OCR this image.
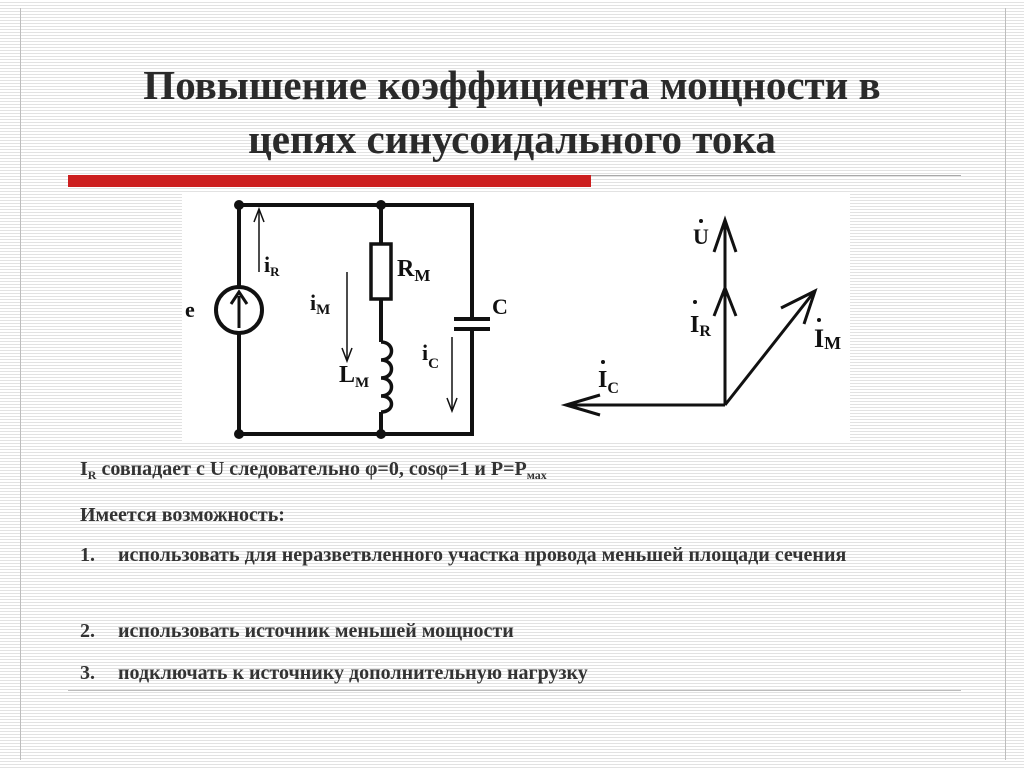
Повышение коэффициента мощности в
цепях синусоидального тока
e
iR	$R_M$
iM
$L_M$
$i_C$
C
U
IR	IM
$I_C$
$I_R$ совпадает с U следовательно φ=0, cosφ=1 и $P=P_{мах}$
Имеется возможность:
1. использовать для неразветвленного участка провода меньшей площади сечения
2. использовать источник меньшей мощности
3. подключать к источнику дополнительную нагрузку
